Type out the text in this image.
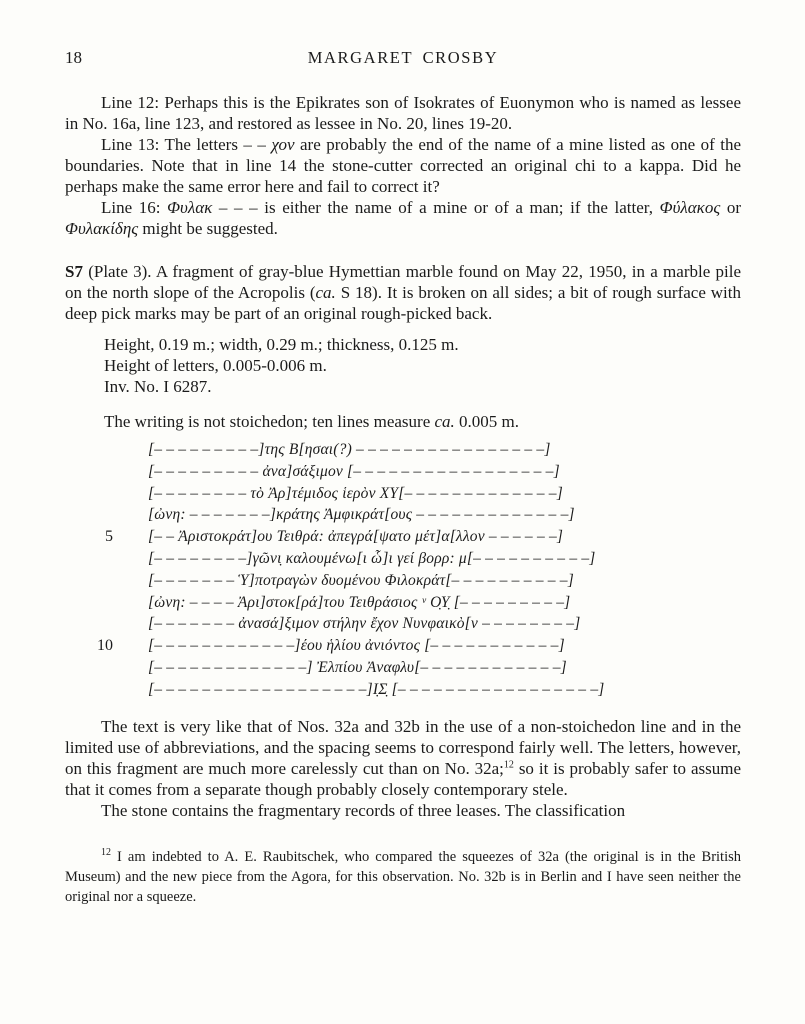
18	MARGARET CROSBY

Line 12: Perhaps this is the Epikrates son of Isokrates of Euonymon who is named as lessee in No. 16a, line 123, and restored as lessee in No. 20, lines 19-20.

Line 13: The letters – – χον are probably the end of the name of a mine listed as one of the boundaries. Note that in line 14 the stone-cutter corrected an original chi to a kappa. Did he perhaps make the same error here and fail to correct it?

Line 16: Φυλακ – – – is either the name of a mine or of a man; if the latter, Φύλακος or Φυλακίδης might be suggested.

S7 (Plate 3). A fragment of gray-blue Hymettian marble found on May 22, 1950, in a marble pile on the north slope of the Acropolis (ca. S 18). It is broken on all sides; a bit of rough surface with deep pick marks may be part of an original rough-picked back.

Height, 0.19 m.; width, 0.29 m.; thickness, 0.125 m.
Height of letters, 0.005-0.006 m.
Inv. No. I 6287.
The writing is not stoichedon; ten lines measure ca. 0.005 m.
[– – – – – – – – –]της Β[ησαι(?) – – – – – – – – – – – – – – – –]
[– – – – – – – – – ἀνα]σάξιμον [– – – – – – – – – – – – – – – – –]
[– – – – – – – – τὸ Ἀρ]τέμιδος ἱερὸν ΧΥ[– – – – – – – – – – – – –]
[ὠνη: – – – – – – –]κράτης Ἀμφικράτ[ους – – – – – – – – – – – – –]
5	[– – Ἀριστοκράτ]ου Τειθρά: ἀπεγρά[ψατο μέτ]α[λλον – – – – – –]
[– – – – – – – –]γῶνι̣ καλουμένω[ι ὧ]ι γεί βορρ: μ[– – – – – – – – – –]
[– – – – – – – Ὑ]ποτραγὼν δυομένου Φιλοκράτ[– – – – – – – – – –]
[ὠνη: – – – – Ἀρι]στοκ[ρά]του Τειθράσιος ᵛ Ο̣Υ̣ [– – – – – – – – –]
[– – – – – – – ἀνασά]ξιμον στήλην ἔχον Νυνφαικὸ[ν – – – – – – – –]
10	[– – – – – – – – – – – –]έου ἡλίου ἀνιόντος [– – – – – – – – – – –]
[– – – – – – – – – – – – –] Ἐλπίου Ἀναφλυ[– – – – – – – – – – – –]
[– – – – – – – – – – – – – – – – – –]Ι̣Σ̣ [– – – – – – – – – – – – – – – – –]

The text is very like that of Nos. 32a and 32b in the use of a non-stoichedon line and in the limited use of abbreviations, and the spacing seems to correspond fairly well. The letters, however, on this fragment are much more carelessly cut than on No. 32a;$^{12}$ so it is probably safer to assume that it comes from a separate though probably closely contemporary stele.

The stone contains the fragmentary records of three leases. The classification

$^{12}$ I am indebted to A. E. Raubitschek, who compared the squeezes of 32a (the original is in the British Museum) and the new piece from the Agora, for this observation. No. 32b is in Berlin and I have seen neither the original nor a squeeze.
